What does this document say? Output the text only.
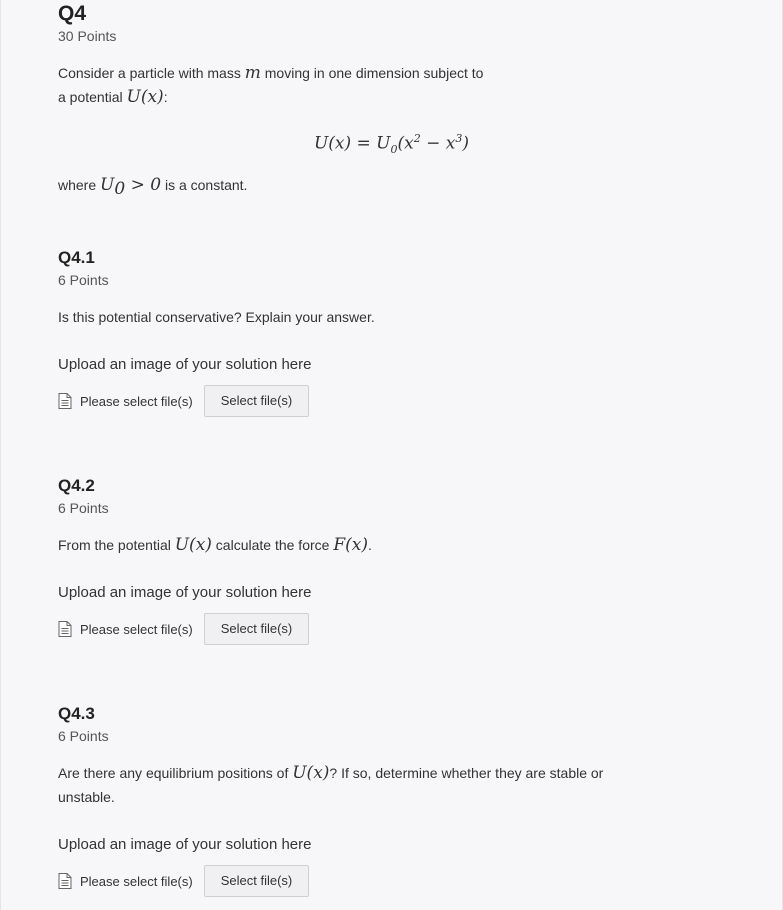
Q4
30 Points
Consider a particle with mass m moving in one dimension subject to
a potential U(x):
$U(x) = U_0(x^2 - x^3)$
where $U_0 > 0$ is a constant.
Q4.1
6 Points
Is this potential conservative? Explain your answer.
Upload an image of your solution here
Please select file(s)	Select file(s)
Q4.2
6 Points
From the potential U(x) calculate the force F(x).
Upload an image of your solution here
Please select file(s)	Select file(s)
Q4.3
6 Points
Are there any equilibrium positions of U(x)? If so, determine whether they are stable or
unstable.
Upload an image of your solution here
Please select file(s)	Select file(s)
